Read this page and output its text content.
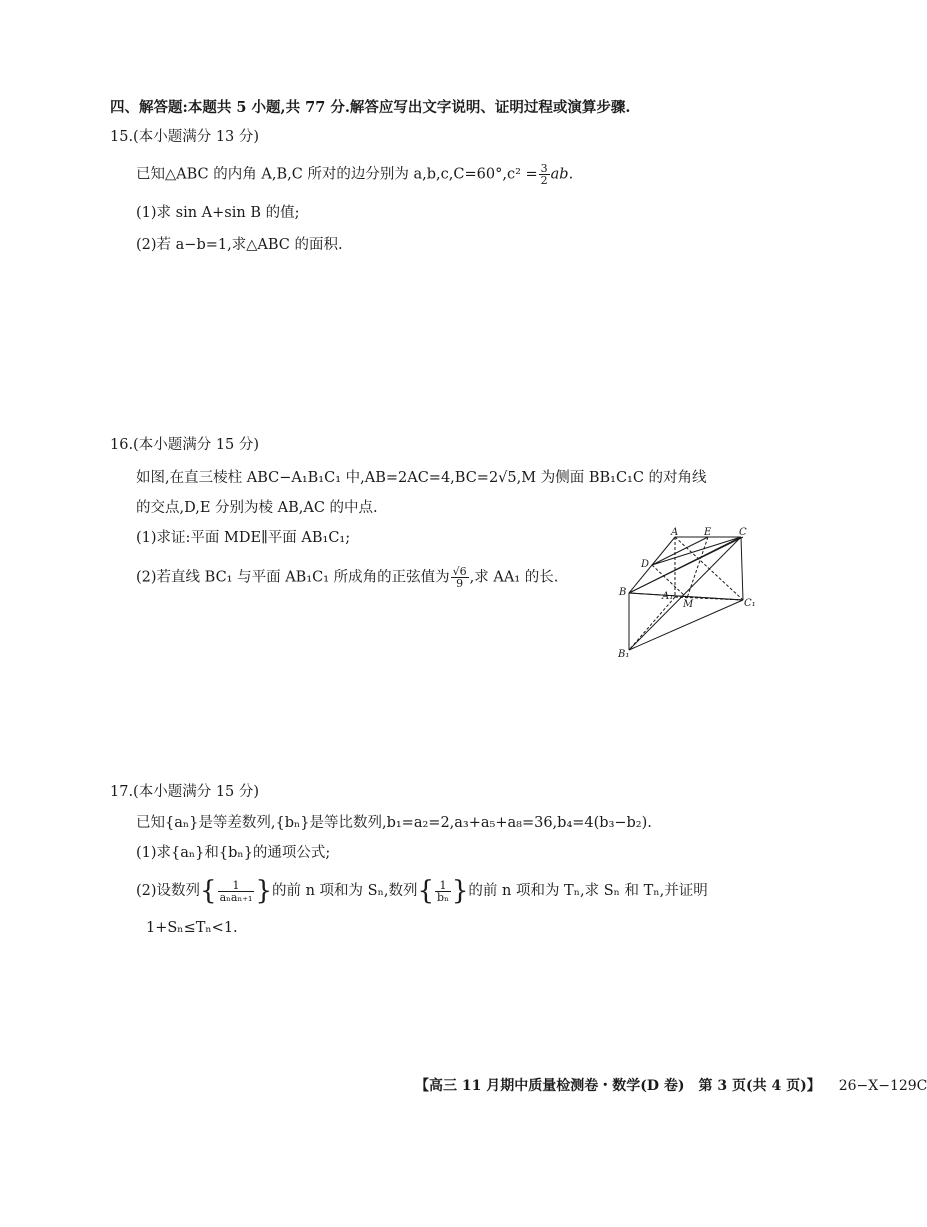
四、解答题:本题共 5 小题,共 77 分.解答应写出文字说明、证明过程或演算步骤.
15.(本小题满分 13 分)
已知△ABC 的内角 A,B,C 所对的边分别为 $a,b,c,C=60^\circ,c^2 = \frac{3}{2}$ ab.
(1)求 sin A+sin B 的值;
(2)若 a−b=1,求△ABC 的面积.
16.(本小题满分 15 分)
如图,在直三棱柱 ABC−A₁B₁C₁ 中,AB=2AC=4,BC=2√5,M 为侧面 BB₁C₁C 的对角线
的交点,D,E 分别为棱 AB,AC 的中点.
(1)求证:平面 MDE∥平面 AB₁C₁;
(2)若直线 BC₁ 与平面 AB₁C₁ 所成角的正弦值为 $\frac{√6}{9}$ ,求 AA₁ 的长.
A	E	C
D
B	A₁
M	C₁
B₁
17.(本小题满分 15 分)
已知{aₙ}是等差数列,{bₙ}是等比数列,b₁=a₂=2,a₃+a₅+a₈=36,b₄=4(b₃−b₂).
(1)求{aₙ}和{bₙ}的通项公式;
(2)设数列{ $\frac{1}{\text{aₙaₙ₊₁}}$ }的前 n 项和为 Sₙ,数列{ $\frac{1}{\text{bₙ}}$ }的前 n 项和为 Tₙ,求 Sₙ 和 Tₙ,并证明
1+Sₙ≤Tₙ<1.
【高三 11 月期中质量检测卷・数学(D 卷)　第 3 页(共 4 页)】 26−X−129C
